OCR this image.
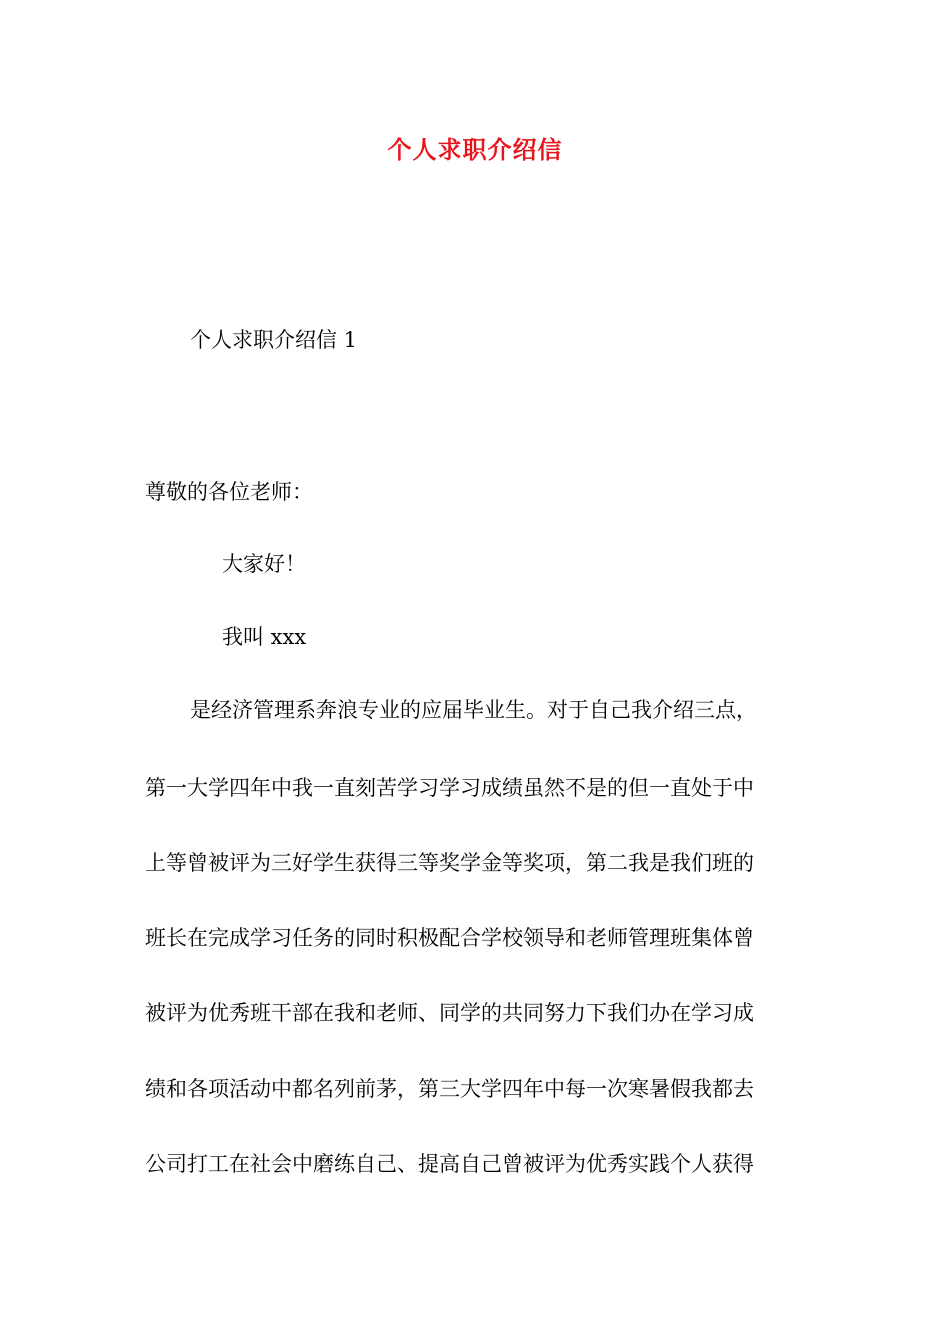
个人求职介绍信
个人求职介绍信 1
尊敬的各位老师：
大家好！
我叫 xxx
是经济管理系奔浪专业的应届毕业生。对于自己我介绍三点，
第一大学四年中我一直刻苦学习学习成绩虽然不是的但一直处于中
上等曾被评为三好学生获得三等奖学金等奖项，第二我是我们班的
班长在完成学习任务的同时积极配合学校领导和老师管理班集体曾
被评为优秀班干部在我和老师、同学的共同努力下我们办在学习成
绩和各项活动中都名列前茅，第三大学四年中每一次寒暑假我都去
公司打工在社会中磨练自己、提高自己曾被评为优秀实践个人获得
